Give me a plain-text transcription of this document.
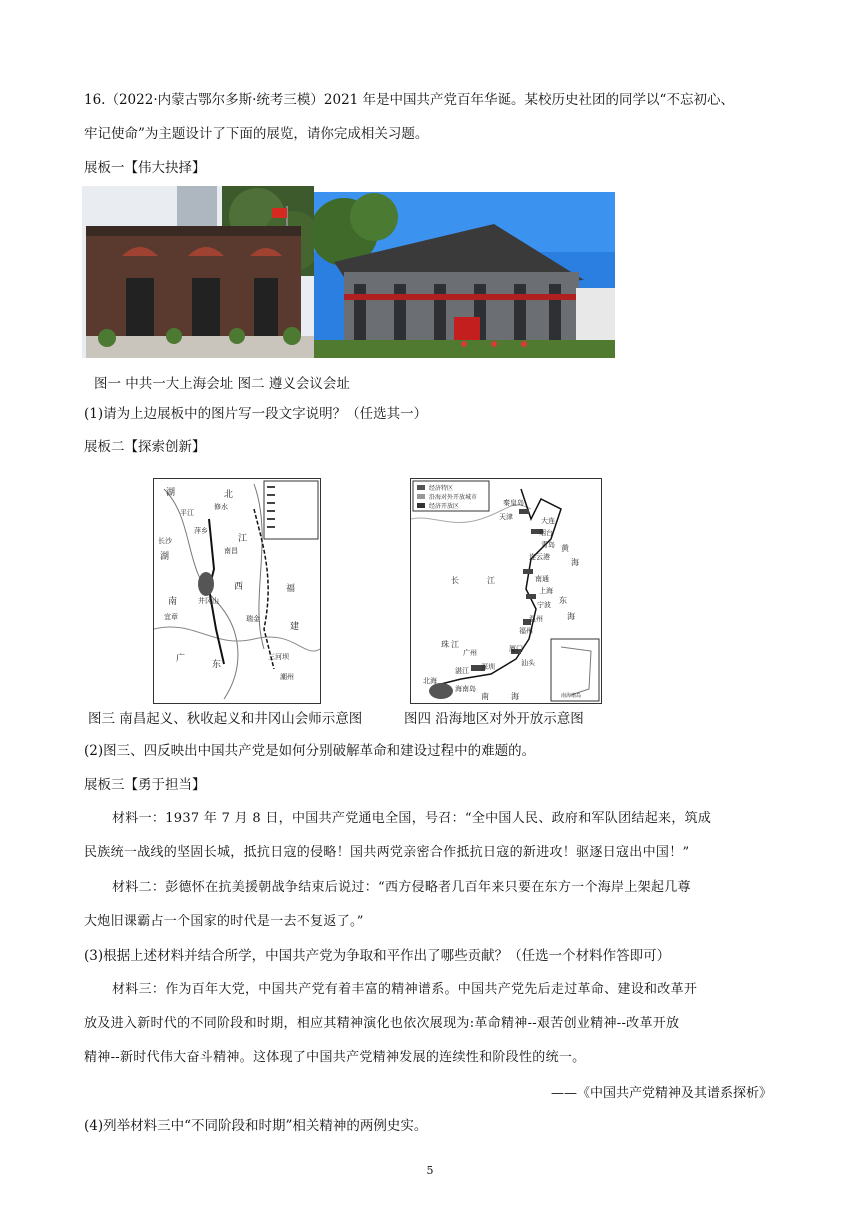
16.（2022·内蒙古鄂尔多斯·统考三模）2021 年是中国共产党百年华诞。某校历史社团的同学以“不忘初心、
牢记使命”为主题设计了下面的展览，请你完成相关习题。
展板一【伟大抉择】
图一 中共一大上海会址 图二 遵义会议会址
(1)请为上边展板中的图片写一段文字说明？（任选其一）
展板二【探索创新】
湖	北
湖
江
西
南
福
建
广
东
长沙
南昌
井冈山
三河坝
潮州
修水
萍乡
平江
宜章	瑞金
经济特区
沿海对外开放城市
经济开放区
大连
秦皇岛
天津
烟台
青岛
连云港
南通
上海
宁波
温州
福州
厦门
汕头
广州
深圳
湛江
北海
海南岛
黄
海
东
海
南	海
长	江
珠 江
南海诸岛
图三 南昌起义、秋收起义和井冈山会师示意图	图四 沿海地区对外开放示意图
(2)图三、四反映出中国共产党是如何分别破解革命和建设过程中的难题的。
展板三【勇于担当】
材料一：1937 年 7 月 8 日，中国共产党通电全国，号召：“全中国人民、政府和军队团结起来，筑成
民族统一战线的坚固长城，抵抗日寇的侵略！国共两党亲密合作抵抗日寇的新进攻！驱逐日寇出中国！”
材料二：彭德怀在抗美援朝战争结束后说过：“西方侵略者几百年来只要在东方一个海岸上架起几尊
大炮旧课霸占一个国家的时代是一去不复返了。”
(3)根据上述材料并结合所学，中国共产党为争取和平作出了哪些贡献？（任选一个材料作答即可）
材料三：作为百年大党，中国共产党有着丰富的精神谱系。中国共产党先后走过革命、建设和改革开
放及进入新时代的不同阶段和时期，相应其精神演化也依次展现为:革命精神--艰苦创业精神--改革开放
精神--新时代伟大奋斗精神。这体现了中国共产党精神发展的连续性和阶段性的统一。
——《中国共产党精神及其谱系探析》
(4)列举材料三中“不同阶段和时期”相关精神的两例史实。
5
